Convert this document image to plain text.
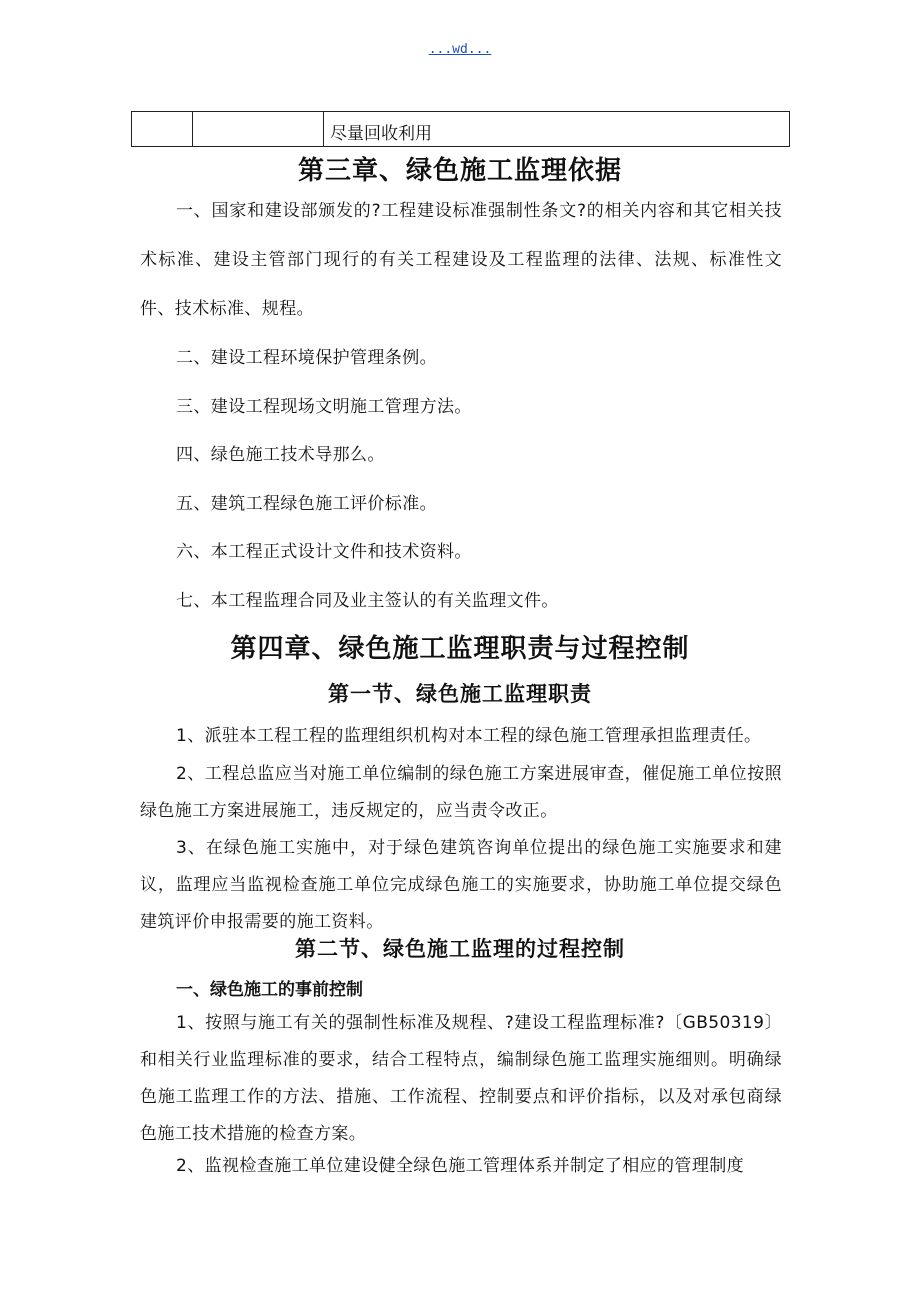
...wd...
		尽量回收利用
第三章、绿色施工监理依据
一、国家和建设部颁发的?工程建设标准强制性条文?的相关内容和其它相关技术标准、建设主管部门现行的有关工程建设及工程监理的法律、法规、标准性文件、技术标准、规程。
二、建设工程环境保护管理条例。
三、建设工程现场文明施工管理方法。
四、绿色施工技术导那么。
五、建筑工程绿色施工评价标准。
六、本工程正式设计文件和技术资料。
七、本工程监理合同及业主签认的有关监理文件。
第四章、绿色施工监理职责与过程控制
第一节、绿色施工监理职责
1、派驻本工程工程的监理组织机构对本工程的绿色施工管理承担监理责任。
2、工程总监应当对施工单位编制的绿色施工方案进展审查，催促施工单位按照绿色施工方案进展施工，违反规定的，应当责令改正。
3、在绿色施工实施中，对于绿色建筑咨询单位提出的绿色施工实施要求和建议，监理应当监视检查施工单位完成绿色施工的实施要求，协助施工单位提交绿色建筑评价申报需要的施工资料。
第二节、绿色施工监理的过程控制
一、绿色施工的事前控制
1、按照与施工有关的强制性标准及规程、?建设工程监理标准?〔GB50319〕和相关行业监理标准的要求，结合工程特点，编制绿色施工监理实施细则。明确绿色施工监理工作的方法、措施、工作流程、控制要点和评价指标，以及对承包商绿色施工技术措施的检查方案。
2、监视检查施工单位建设健全绿色施工管理体系并制定了相应的管理制度
